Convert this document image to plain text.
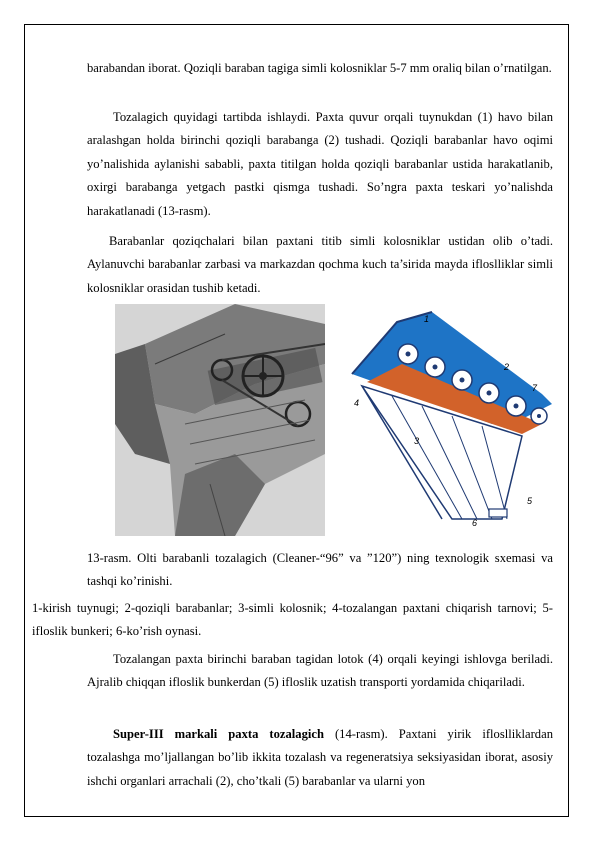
barabandan iborat. Qoziqli baraban tagiga simli kolosniklar 5-7 mm oraliq bilan o’rnatilgan.
Tozalagich quyidagi tartibda ishlaydi. Paxta quvur orqali tuynukdan (1) havo bilan aralashgan holda birinchi qoziqli barabanga (2) tushadi. Qoziqli barabanlar havo oqimi yo’nalishida aylanishi sababli, paxta titilgan holda qoziqli barabanlar ustida harakatlanib, oxirgi barabanga yetgach pastki qismga tushadi. So’ngra paxta teskari yo’nalishda harakatlanadi (13-rasm).
Barabanlar qoziqchalari bilan paxtani titib simli kolosniklar ustidan olib o’tadi. Aylanuvchi barabanlar zarbasi va markazdan qochma kuch ta’sirida mayda ifloslliklar simli kolosniklar orasidan tushib ketadi.
1
2
7
4
3
5
6
13-rasm. Olti barabanli tozalagich (Cleaner-“96” va ”120”) ning texnologik sxemasi va tashqi ko’rinishi.
1-kirish tuynugi; 2-qoziqli barabanlar; 3-simli kolosnik; 4-tozalangan paxtani chiqarish tarnovi; 5-ifloslik bunkeri; 6-ko’rish oynasi.
Tozalangan paxta birinchi baraban tagidan lotok (4) orqali keyingi ishlovga beriladi. Ajralib chiqqan ifloslik bunkerdan (5) ifloslik uzatish transporti yordamida chiqariladi.
Super-III markali paxta tozalagich (14-rasm). Paxtani yirik ifloslliklardan tozalashga mo’ljallangan bo’lib ikkita tozalash va regeneratsiya seksiyasidan iborat, asosiy ishchi organlari arrachali (2), cho’tkali (5) barabanlar va ularni yon
